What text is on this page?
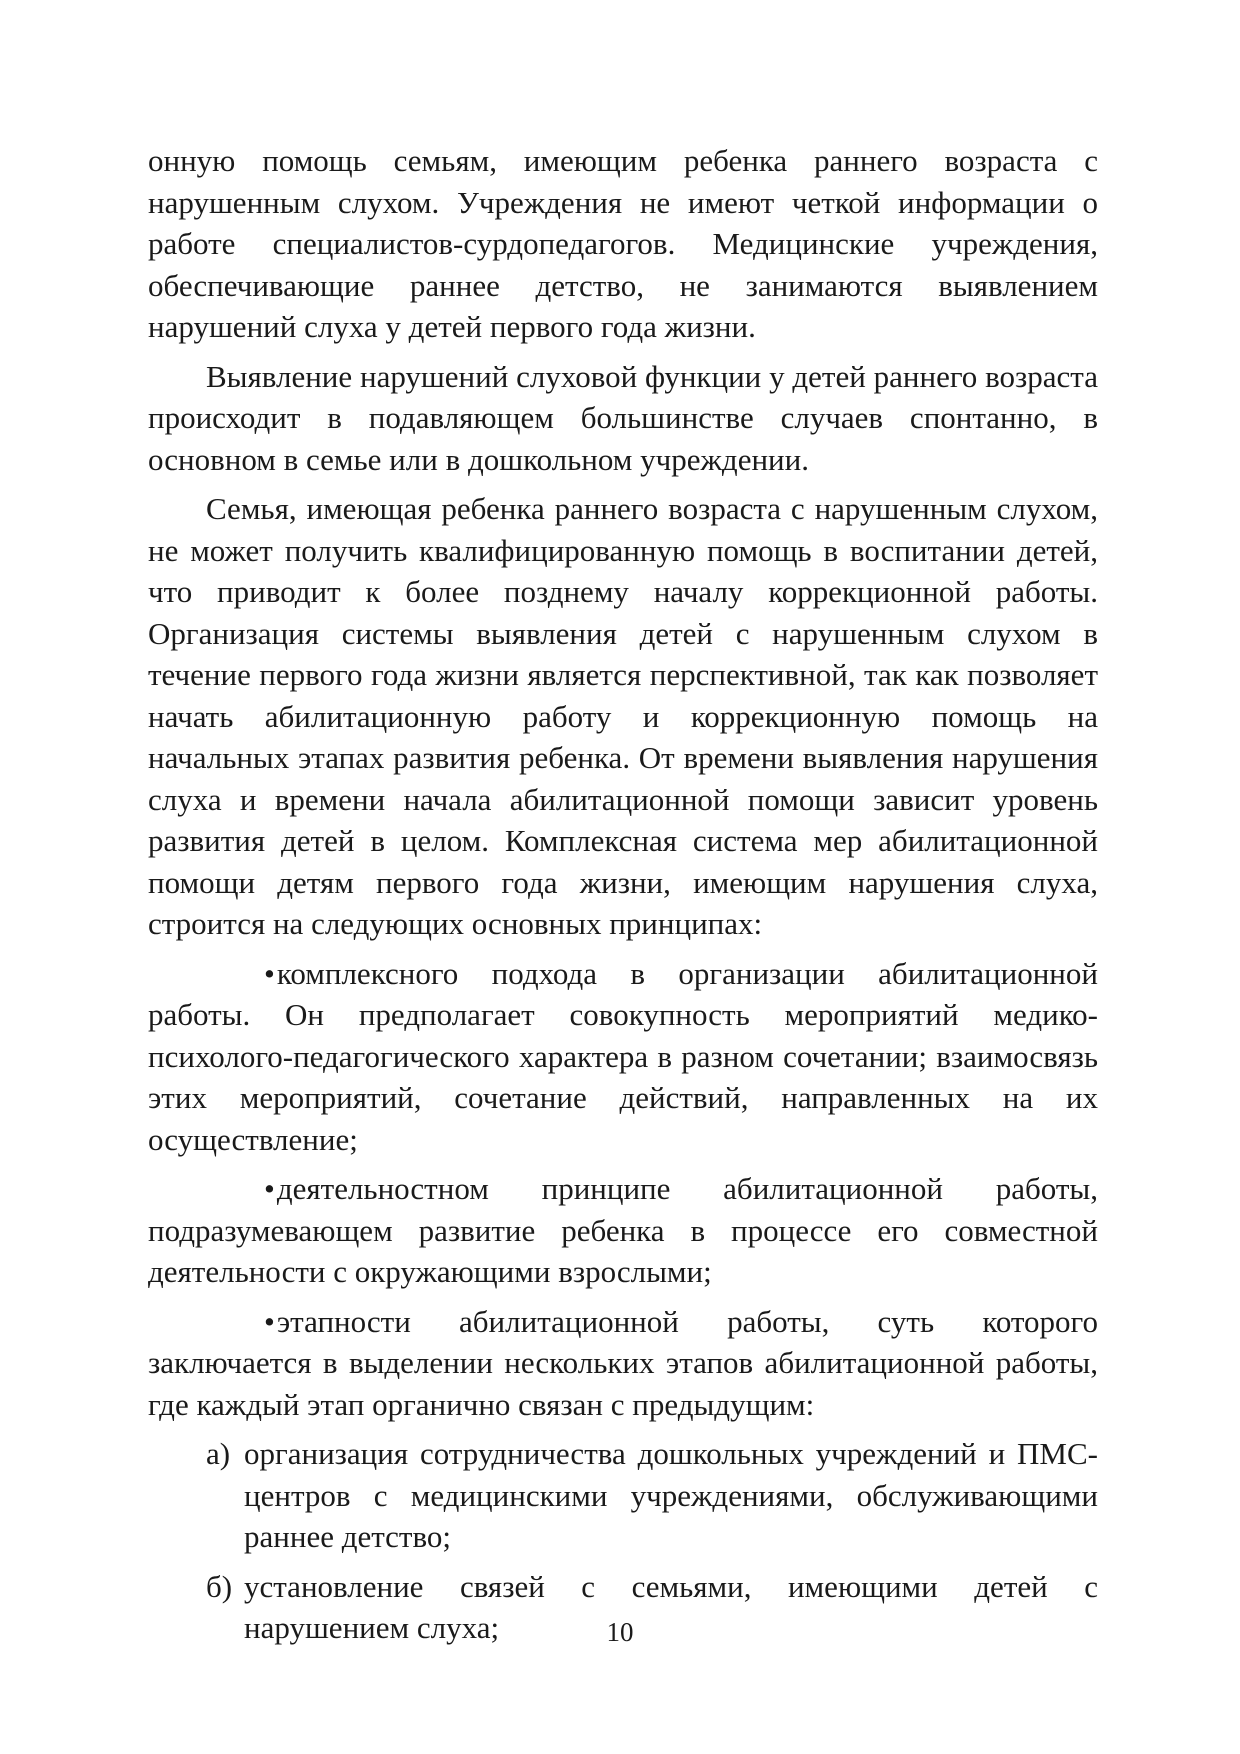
онную помощь семьям, имеющим ребенка раннего возраста с нарушенным слухом. Учреждения не имеют четкой информации о работе специалистов-сурдопедагогов. Медицинские учреждения, обеспечивающие раннее детство, не занимаются выявлением нарушений слуха у детей первого года жизни.

Выявление нарушений слуховой функции у детей раннего возраста происходит в подавляющем большинстве случаев спонтанно, в основном в семье или в дошкольном учреждении.

Семья, имеющая ребенка раннего возраста с нарушенным слухом, не может получить квалифицированную помощь в воспитании детей, что приводит к более позднему началу коррекционной работы. Организация системы выявления детей с нарушенным слухом в течение первого года жизни является перспективной, так как позволяет начать абилитационную работу и коррекционную помощь на начальных этапах развития ребенка. От времени выявления нарушения слуха и времени начала абилитационной помощи зависит уровень развития детей в целом. Комплексная система мер абилитационной помощи детям первого года жизни, имеющим нарушения слуха, строится на следующих основных принципах:

•комплексного подхода в организации абилитационной работы. Он предполагает совокупность мероприятий медико-психолого-педагогического характера в разном сочетании; взаимосвязь этих мероприятий, сочетание действий, направленных на их осуществление;

•деятельностном принципе абилитационной работы, подразумевающем развитие ребенка в процессе его совместной деятельности с окружающими взрослыми;

•этапности абилитационной работы, суть которого заключается в выделении нескольких этапов абилитационной работы, где каждый этап органично связан с предыдущим:

а) организация сотрудничества дошкольных учреждений и ПМС-центров с медицинскими учреждениями, обслуживающими раннее детство;
б) установление связей с семьями, имеющими детей с нарушением слуха;	10
